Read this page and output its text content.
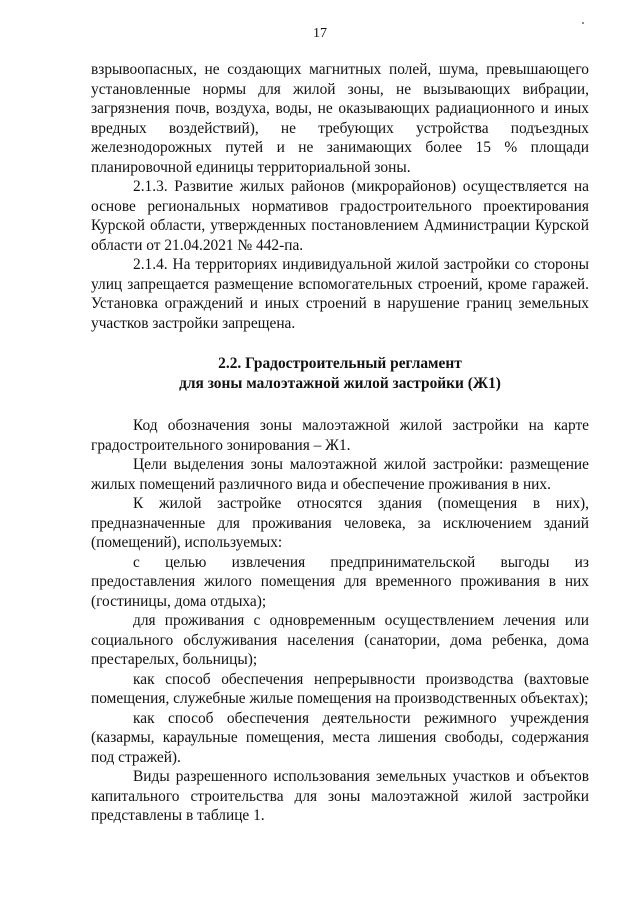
17

взрывоопасных, не создающих магнитных полей, шума, превышающего установленные нормы для жилой зоны, не вызывающих вибрации, загрязнения почв, воздуха, воды, не оказывающих радиационного и иных вредных воздействий), не требующих устройства подъездных железнодорожных путей и не занимающих более 15 % площади планировочной единицы территориальной зоны.

2.1.3. Развитие жилых районов (микрорайонов) осуществляется на основе региональных нормативов градостроительного проектирования Курской области, утвержденных постановлением Администрации Курской области от 21.04.2021 № 442-па.

2.1.4. На территориях индивидуальной жилой застройки со стороны улиц запрещается размещение вспомогательных строений, кроме гаражей. Установка ограждений и иных строений в нарушение границ земельных участков застройки запрещена.

2.2. Градостроительный регламент
для зоны малоэтажной жилой застройки (Ж1)

Код обозначения зоны малоэтажной жилой застройки на карте градостроительного зонирования – Ж1.

Цели выделения зоны малоэтажной жилой застройки: размещение жилых помещений различного вида и обеспечение проживания в них.

К жилой застройке относятся здания (помещения в них), предназначенные для проживания человека, за исключением зданий (помещений), используемых:

с целью извлечения предпринимательской выгоды из предоставления жилого помещения для временного проживания в них (гостиницы, дома отдыха);

для проживания с одновременным осуществлением лечения или социального обслуживания населения (санатории, дома ребенка, дома престарелых, больницы);

как способ обеспечения непрерывности производства (вахтовые помещения, служебные жилые помещения на производственных объектах);

как способ обеспечения деятельности режимного учреждения (казармы, караульные помещения, места лишения свободы, содержания под стражей).

Виды разрешенного использования земельных участков и объектов капитального строительства для зоны малоэтажной жилой застройки представлены в таблице 1.
